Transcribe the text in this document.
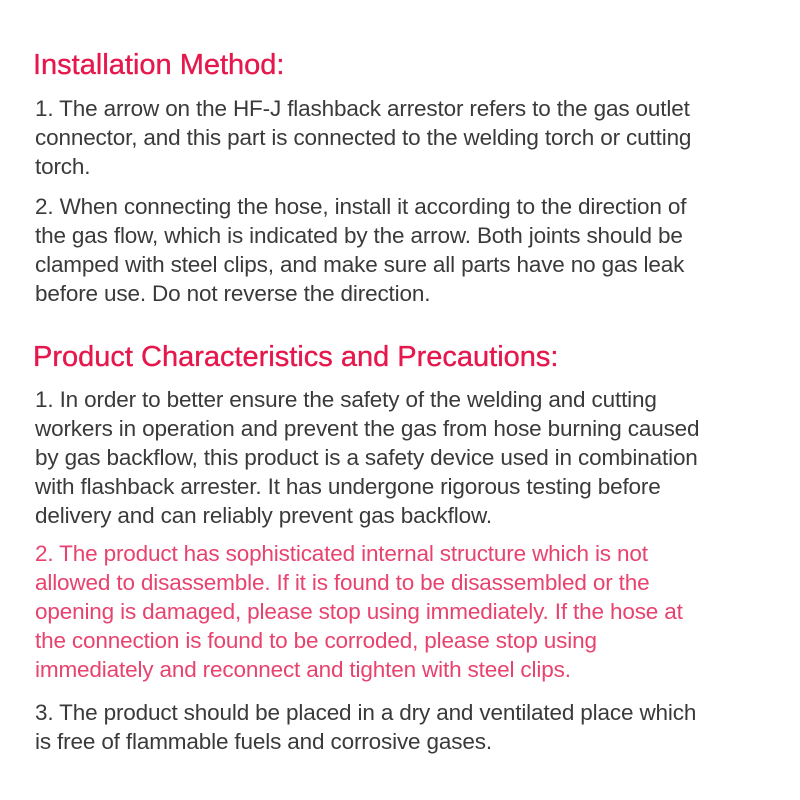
Installation Method:

1. The arrow on the HF-J flashback arrestor refers to the gas outlet
connector, and this part is connected to the welding torch or cutting
torch.

2. When connecting the hose, install it according to the direction of
the gas flow, which is indicated by the arrow. Both joints should be
clamped with steel clips, and make sure all parts have no gas leak
before use. Do not reverse the direction.

Product Characteristics and Precautions:

1. In order to better ensure the safety of the welding and cutting
workers in operation and prevent the gas from hose burning caused
by gas backflow, this product is a safety device used in combination
with flashback arrester. It has undergone rigorous testing before
delivery and can reliably prevent gas backflow.

2. The product has sophisticated internal structure which is not
allowed to disassemble. If it is found to be disassembled or the
opening is damaged, please stop using immediately. If the hose at
the connection is found to be corroded, please stop using
immediately and reconnect and tighten with steel clips.

3. The product should be placed in a dry and ventilated place which
is free of flammable fuels and corrosive gases.
